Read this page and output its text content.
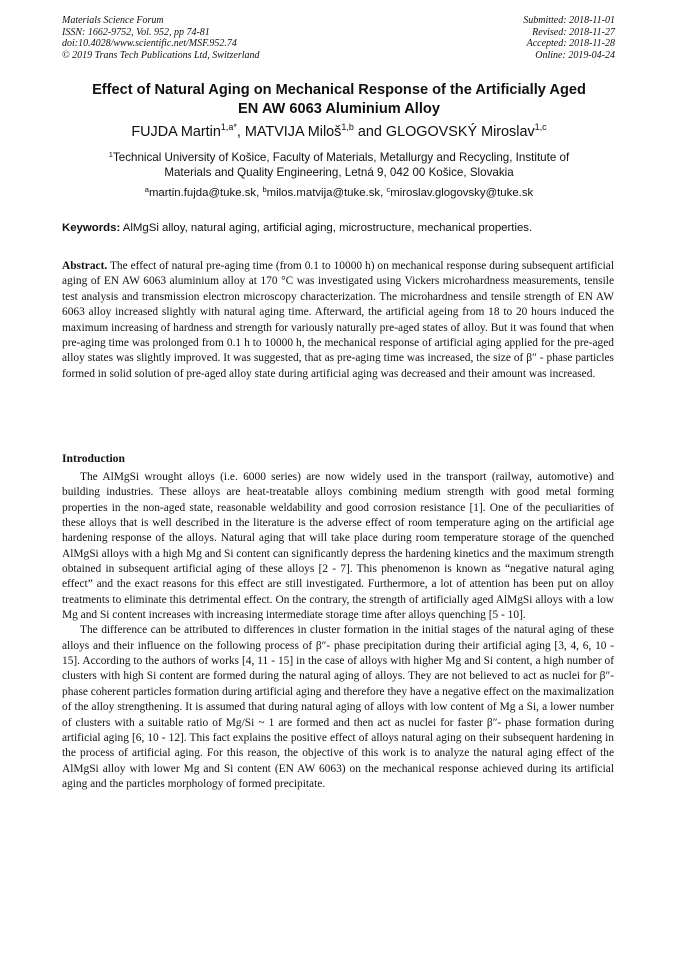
Materials Science Forum
ISSN: 1662-9752, Vol. 952, pp 74-81
doi:10.4028/www.scientific.net/MSF.952.74
© 2019 Trans Tech Publications Ltd, Switzerland
Submitted: 2018-11-01
Revised: 2018-11-27
Accepted: 2018-11-28
Online: 2019-04-24
Effect of Natural Aging on Mechanical Response of the Artificially Aged
EN AW 6063 Aluminium Alloy
FUJDA Martin$^{1,a*}$, MATVIJA Miloš$^{1,b}$ and GLOGOVSKÝ Miroslav$^{1,c}$
$^1$Technical University of Košice, Faculty of Materials, Metallurgy and Recycling, Institute of
Materials and Quality Engineering, Letná 9, 042 00 Košice, Slovakia
$^a$martin.fujda@tuke.sk, $^b$milos.matvija@tuke.sk, $^c$miroslav.glogovsky@tuke.sk
Keywords: AlMgSi alloy, natural aging, artificial aging, microstructure, mechanical properties.
Abstract. The effect of natural pre-aging time (from 0.1 to 10000 h) on mechanical response during subsequent artificial aging of EN AW 6063 aluminium alloy at 170 °C was investigated using Vickers microhardness measurements, tensile test analysis and transmission electron microscopy characterization. The microhardness and tensile strength of EN AW 6063 alloy increased slightly with natural aging time. Afterward, the artificial ageing from 18 to 20 hours induced the maximum increasing of hardness and strength for variously naturally pre-aged states of alloy. But it was found that when pre-aging time was prolonged from 0.1 h to 10000 h, the mechanical response of artificial aging applied for the pre-aged alloy states was slightly improved. It was suggested, that as pre-aging time was increased, the size of β″ - phase particles formed in solid solution of pre-aged alloy state during artificial aging was decreased and their amount was increased.
Introduction

The AlMgSi wrought alloys (i.e. 6000 series) are now widely used in the transport (railway, automotive) and building industries. These alloys are heat-treatable alloys combining medium strength with good metal forming properties in the non-aged state, reasonable weldability and good corrosion resistance [1]. One of the peculiarities of these alloys that is well described in the literature is the adverse effect of room temperature aging on the artificial age hardening response of the alloys. Natural aging that will take place during room temperature storage of the quenched AlMgSi alloys with a high Mg and Si content can significantly depress the hardening kinetics and the maximum strength obtained in subsequent artificial aging of these alloys [2 - 7]. This phenomenon is known as “negative natural aging effect” and the exact reasons for this effect are still investigated. Furthermore, a lot of attention has been put on alloy treatments to eliminate this detrimental effect. On the contrary, the strength of artificially aged AlMgSi alloys with a low Mg and Si content increases with increasing intermediate storage time after alloys quenching [5 - 10].

The difference can be attributed to differences in cluster formation in the initial stages of the natural aging of these alloys and their influence on the following process of β″- phase precipitation during their artificial aging [3, 4, 6, 10 - 15]. According to the authors of works [4, 11 - 15] in the case of alloys with higher Mg and Si content, a high number of clusters with high Si content are formed during the natural aging of alloys. They are not believed to act as nuclei for β″-phase coherent particles formation during artificial aging and therefore they have a negative effect on the maximalization of the alloy strengthening. It is assumed that during natural aging of alloys with low content of Mg a Si, a lower number of clusters with a suitable ratio of Mg/Si ~ 1 are formed and then act as nuclei for faster β″- phase formation during artificial aging [6, 10 - 12]. This fact explains the positive effect of alloys natural aging on their subsequent hardening in the process of artificial aging. For this reason, the objective of this work is to analyze the natural aging effect of the AlMgSi alloy with lower Mg and Si content (EN AW 6063) on the mechanical response achieved during its artificial aging and the particles morphology of formed precipitate.
